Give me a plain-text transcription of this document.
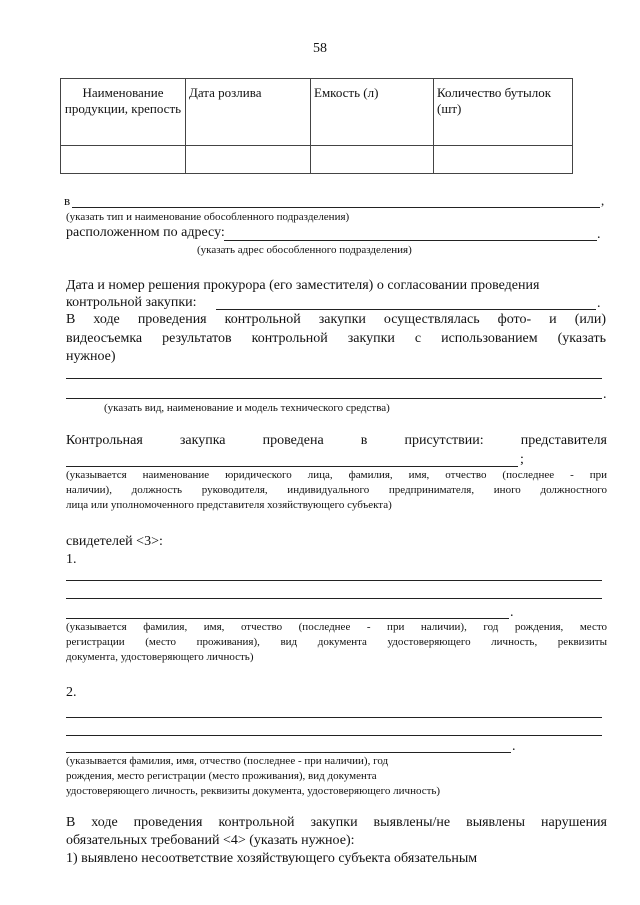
58
Наименование продукции, крепость	Дата розлива	Емкость (л)	Количество бутылок (шт)

в	,
(указать тип и наименование обособленного подразделения)
расположенном по адресу:	.
(указать адрес обособленного подразделения)
Дата и номер решения прокурора (его заместителя) о согласовании проведения
контрольной закупки:	.
В ходе проведения контрольной закупки осуществлялась фото- и (или)
видеосъемка результатов контрольной закупки с использованием (указать
нужное)
.
(указать вид, наименование и модель технического средства)
Контрольная	закупка	проведена	в	присутствии:	представителя
;
(указывается наименование юридического лица, фамилия, имя, отчество (последнее - при
наличии), должность руководителя, индивидуального предпринимателя, иного должностного
лица или уполномоченного представителя хозяйствующего субъекта)
свидетелей <3>:
1.
.
(указывается фамилия, имя, отчество (последнее - при наличии), год рождения, место
регистрации (место проживания), вид документа удостоверяющего личность, реквизиты
документа, удостоверяющего личность)
2.
.
(указывается фамилия, имя, отчество (последнее - при наличии), год
рождения, место регистрации (место проживания), вид документа
удостоверяющего личность, реквизиты документа, удостоверяющего личность)
В ходе проведения контрольной закупки выявлены/не выявлены нарушения
обязательных требований <4> (указать нужное):
1) выявлено несоответствие хозяйствующего субъекта обязательным
